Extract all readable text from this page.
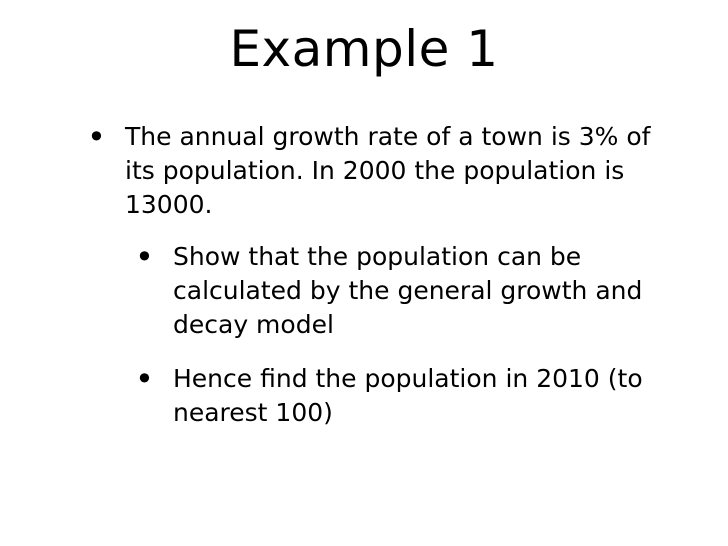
Example 1
• The annual growth rate of a town is 3% of
its population. In 2000 the population is
13000.
• Show that the population can be
calculated by the general growth and
decay model
• Hence find the population in 2010 (to
nearest 100)
